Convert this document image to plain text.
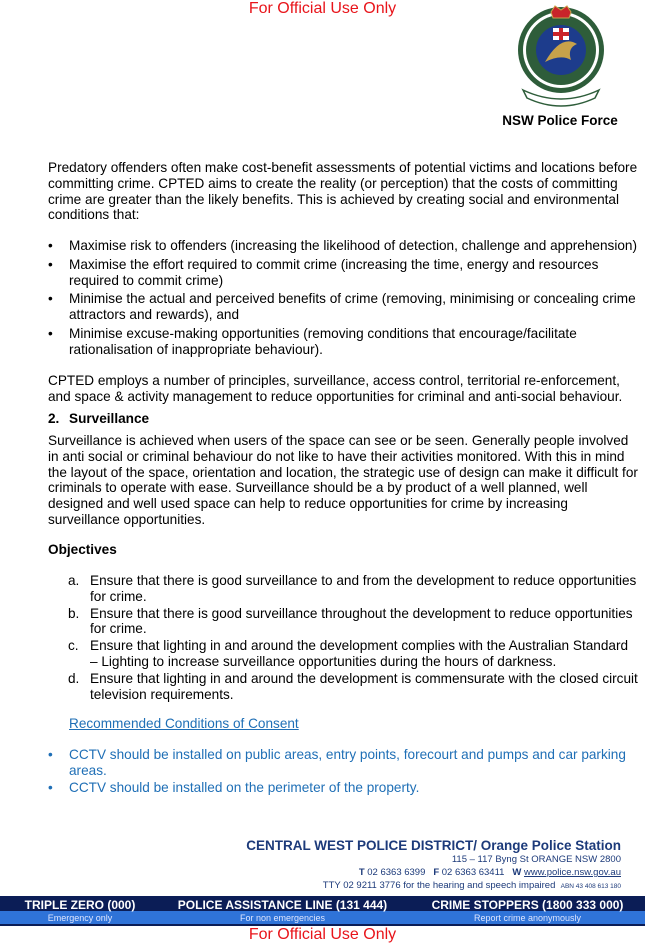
For Official Use Only
NSW Police Force

Predatory offenders often make cost-benefit assessments of potential victims and locations before committing crime. CPTED aims to create the reality (or perception) that the costs of committing crime are greater than the likely benefits. This is achieved by creating social and environmental conditions that:

• Maximise risk to offenders (increasing the likelihood of detection, challenge and apprehension)
• Maximise the effort required to commit crime (increasing the time, energy and resources required to commit crime)
• Minimise the actual and perceived benefits of crime (removing, minimising or concealing crime attractors and rewards), and
• Minimise excuse-making opportunities (removing conditions that encourage/facilitate rationalisation of inappropriate behaviour).

CPTED employs a number of principles, surveillance, access control, territorial re-enforcement, and space & activity management to reduce opportunities for criminal and anti-social behaviour.

2. Surveillance

Surveillance is achieved when users of the space can see or be seen. Generally people involved in anti social or criminal behaviour do not like to have their activities monitored. With this in mind the layout of the space, orientation and location, the strategic use of design can make it difficult for criminals to operate with ease. Surveillance should be a by product of a well planned, well designed and well used space can help to reduce opportunities for crime by increasing surveillance opportunities.

Objectives
a. Ensure that there is good surveillance to and from the development to reduce opportunities for crime.
b. Ensure that there is good surveillance throughout the development to reduce opportunities for crime.
c. Ensure that lighting in and around the development complies with the Australian Standard – Lighting to increase surveillance opportunities during the hours of darkness.
d. Ensure that lighting in and around the development is commensurate with the closed circuit television requirements.
Recommended Conditions of Consent
• CCTV should be installed on public areas, entry points, forecourt and pumps and car parking areas.
• CCTV should be installed on the perimeter of the property.
CENTRAL WEST POLICE DISTRICT/ Orange Police Station
115 – 117 Byng St ORANGE NSW 2800
T 02 6363 6399 F 02 6363 63411 W www.police.nsw.gov.au
TTY 02 9211 3776 for the hearing and speech impaired ABN 43 408 613 180
TRIPLE ZERO (000)
Emergency only
POLICE ASSISTANCE LINE (131 444)
For non emergencies
CRIME STOPPERS (1800 333 000)
Report crime anonymously
For Official Use Only
